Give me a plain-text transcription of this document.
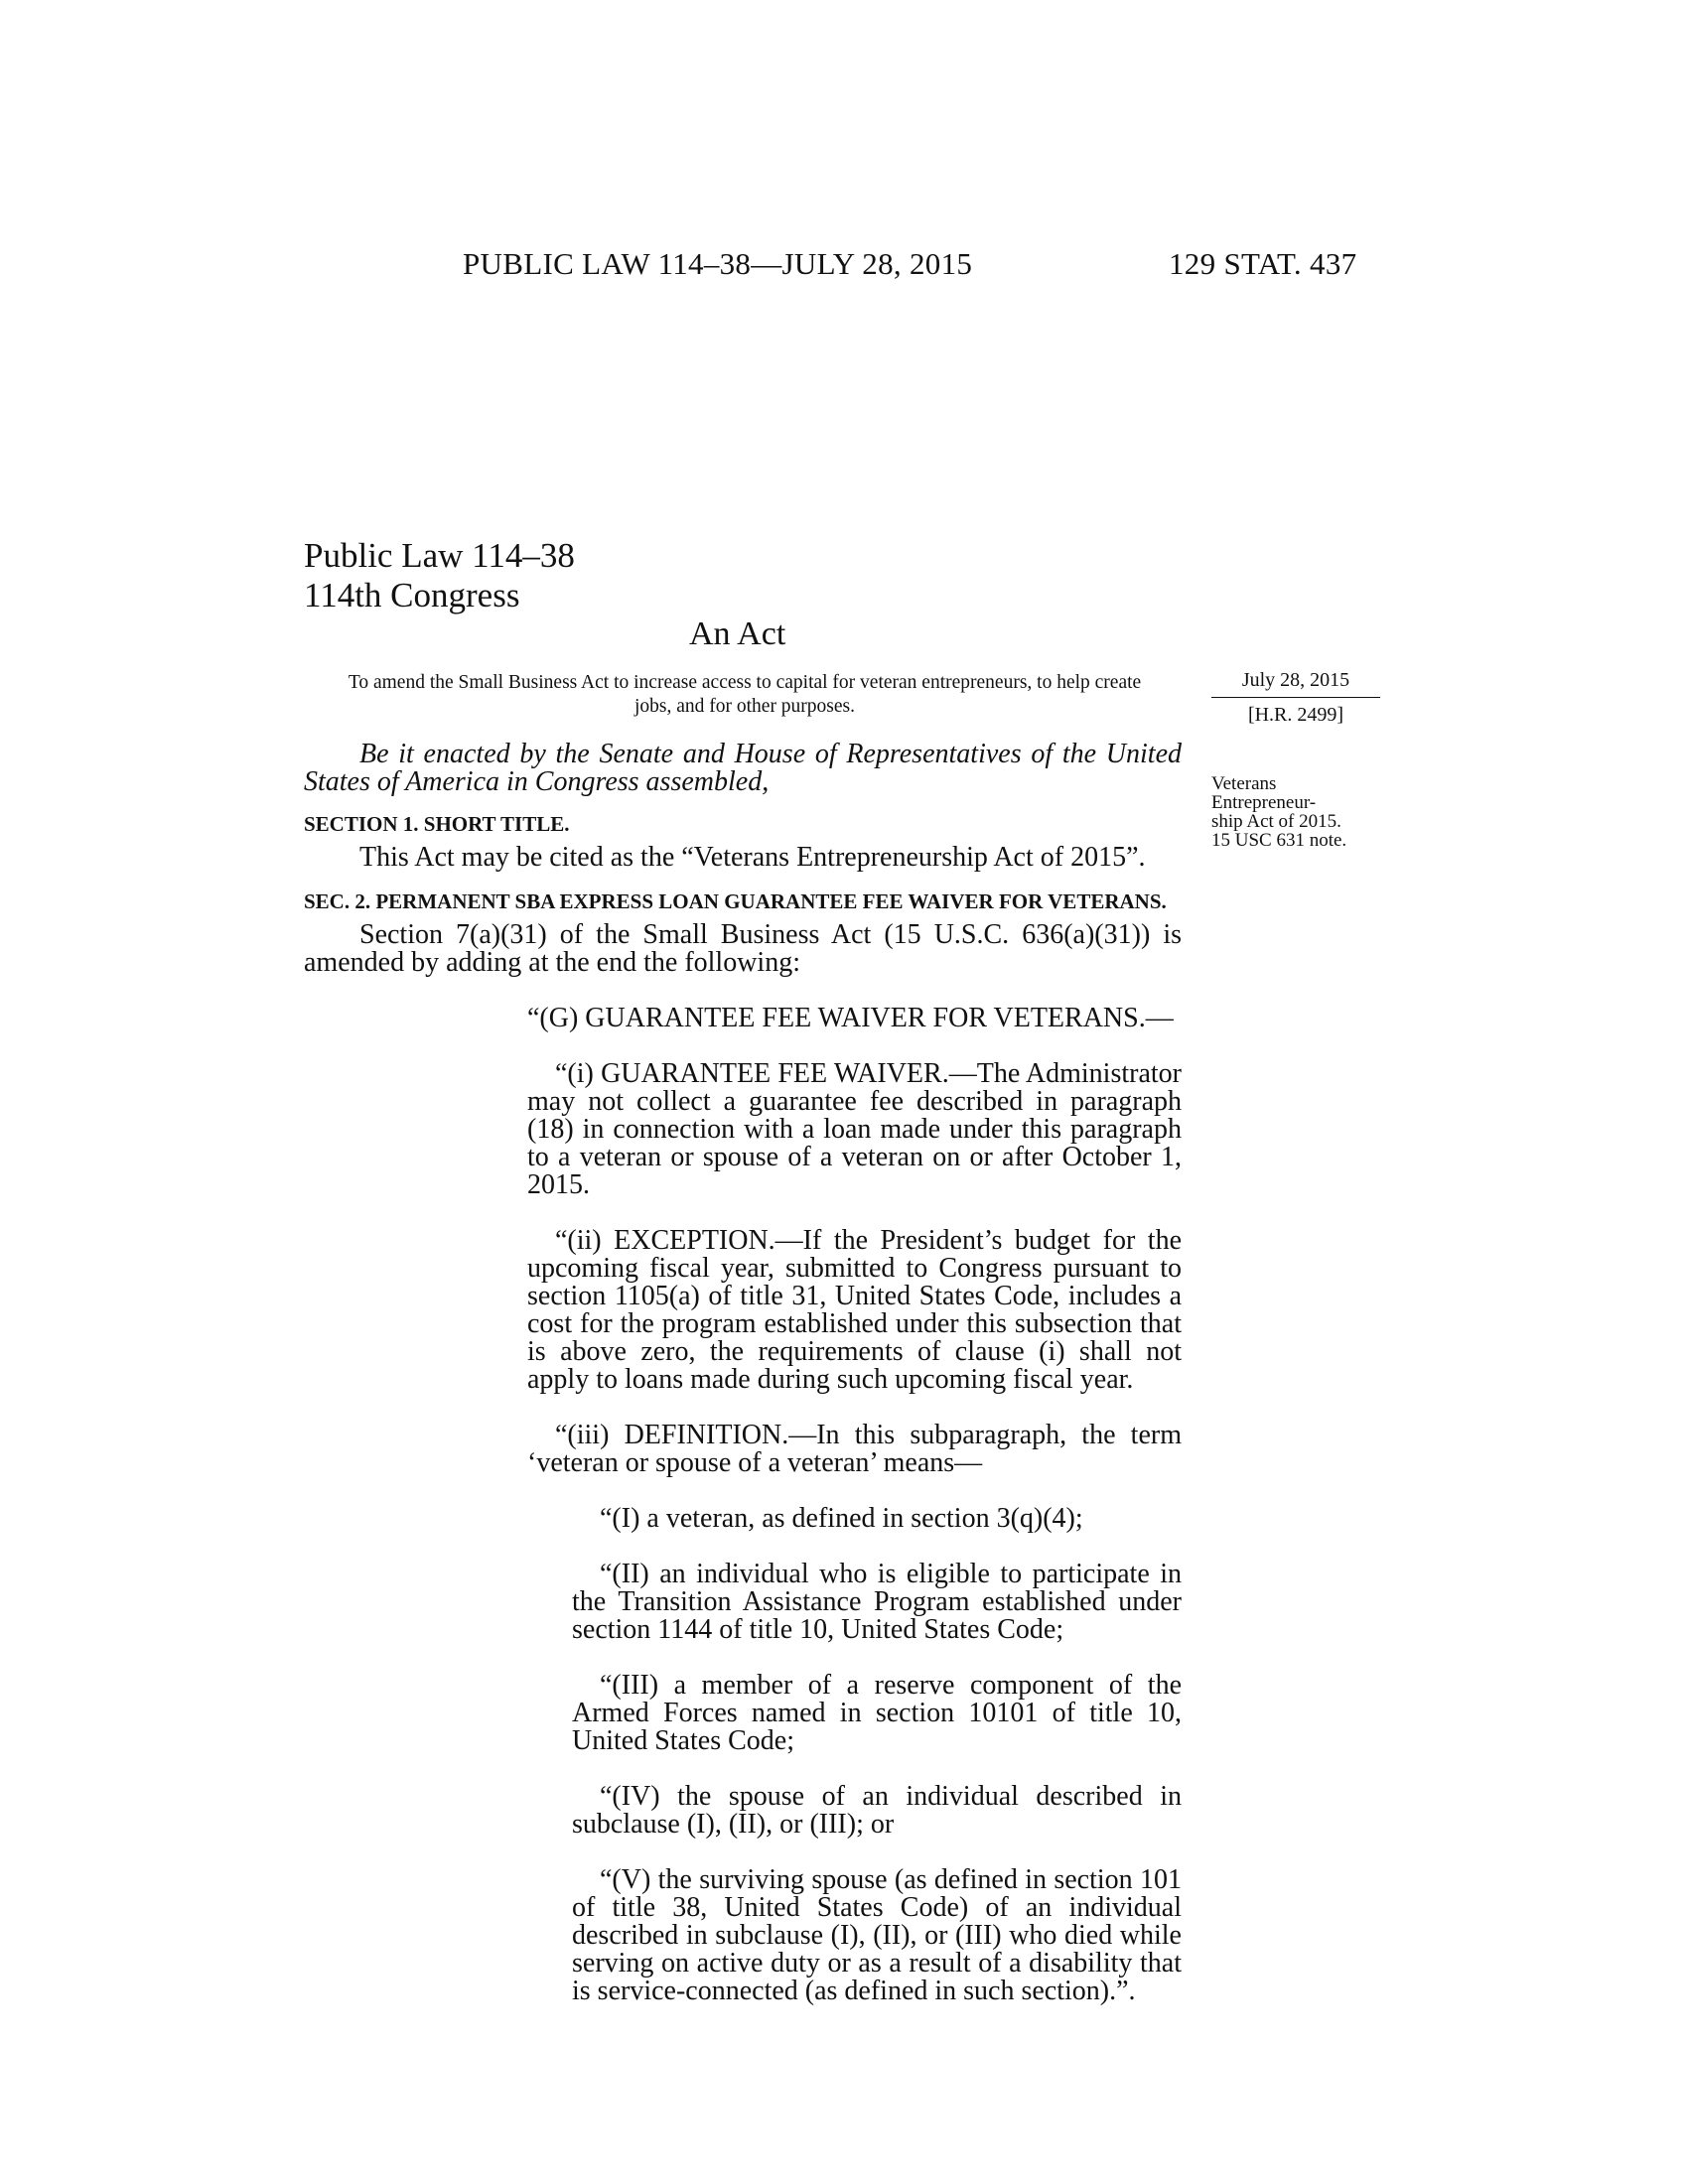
PUBLIC LAW 114–38—JULY 28, 2015	129 STAT. 437
Public Law 114–38
114th Congress
An Act
To amend the Small Business Act to increase access to capital for veteran entrepreneurs, to help create jobs, and for other purposes.
July 28, 2015
[H.R. 2499]
Veterans
Entrepreneur-
ship Act of 2015.
15 USC 631 note.

Be it enacted by the Senate and House of Representatives of the United States of America in Congress assembled,

SECTION 1. SHORT TITLE.

This Act may be cited as the “Veterans Entrepreneurship Act of 2015”.

SEC. 2. PERMANENT SBA EXPRESS LOAN GUARANTEE FEE WAIVER FOR VETERANS.

Section 7(a)(31) of the Small Business Act (15 U.S.C. 636(a)(31)) is amended by adding at the end the following:

“(G) GUARANTEE FEE WAIVER FOR VETERANS.—

“(i) GUARANTEE FEE WAIVER.—The Administrator may not collect a guarantee fee described in paragraph (18) in connection with a loan made under this paragraph to a veteran or spouse of a veteran on or after October 1, 2015.

“(ii) EXCEPTION.—If the President’s budget for the upcoming fiscal year, submitted to Congress pursuant to section 1105(a) of title 31, United States Code, includes a cost for the program established under this subsection that is above zero, the requirements of clause (i) shall not apply to loans made during such upcoming fiscal year.

“(iii) DEFINITION.—In this subparagraph, the term ‘veteran or spouse of a veteran’ means—

“(I) a veteran, as defined in section 3(q)(4);

“(II) an individual who is eligible to participate in the Transition Assistance Program established under section 1144 of title 10, United States Code;

“(III) a member of a reserve component of the Armed Forces named in section 10101 of title 10, United States Code;

“(IV) the spouse of an individual described in subclause (I), (II), or (III); or

“(V) the surviving spouse (as defined in section 101 of title 38, United States Code) of an individual described in subclause (I), (II), or (III) who died while serving on active duty or as a result of a disability that is service-connected (as defined in such section).”.
